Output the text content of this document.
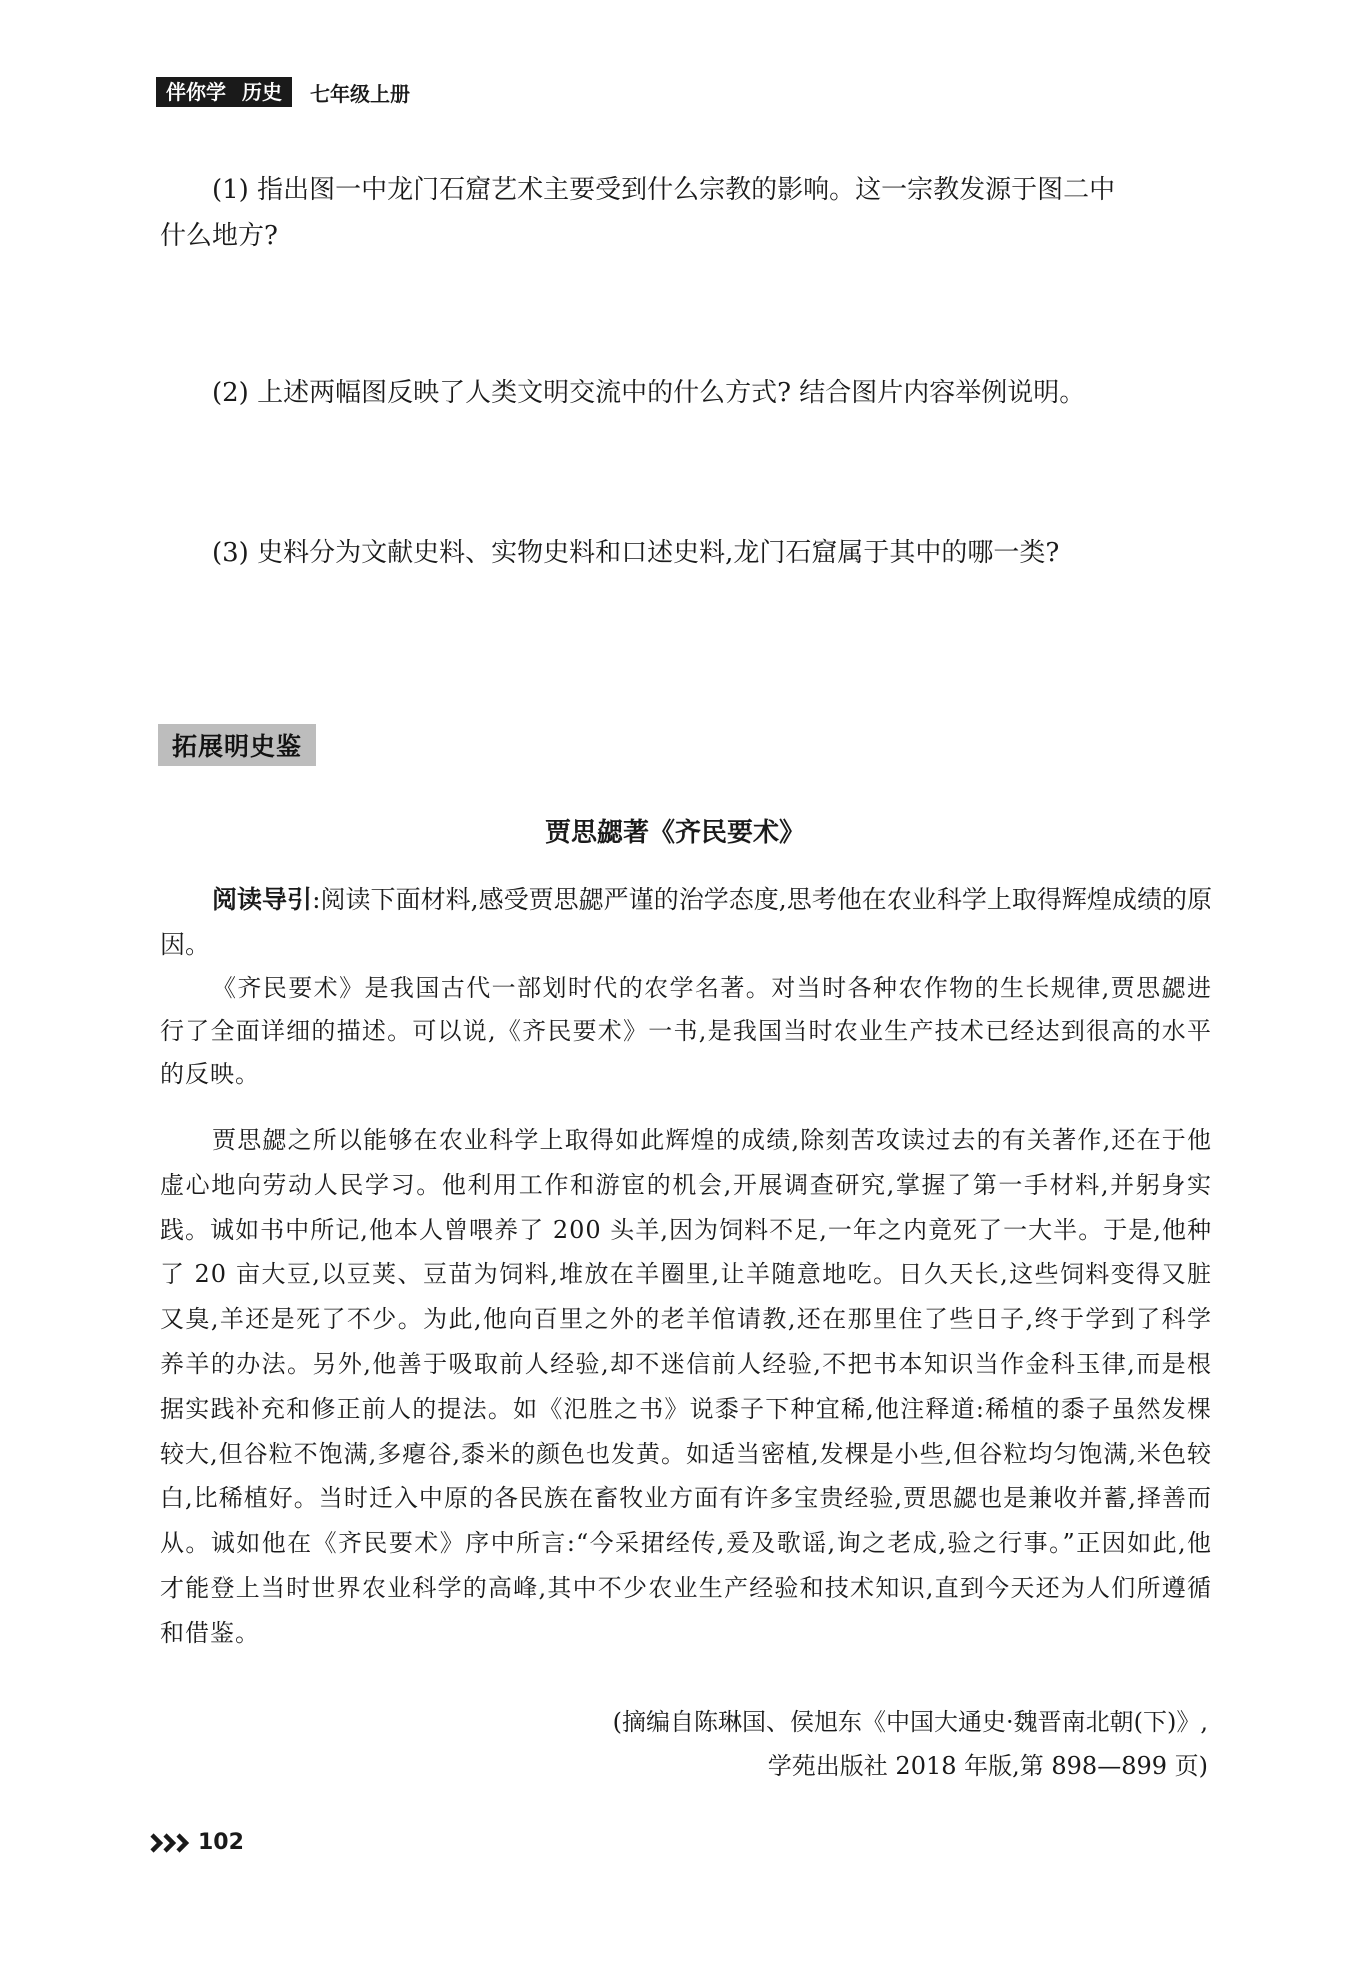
伴你学 历史 七年级上册
(1) 指出图一中龙门石窟艺术主要受到什么宗教的影响。这一宗教发源于图二中
什么地方?
(2) 上述两幅图反映了人类文明交流中的什么方式? 结合图片内容举例说明。
(3) 史料分为文献史料、实物史料和口述史料,龙门石窟属于其中的哪一类?
拓展明史鉴
贾思勰著《齐民要术》

阅读导引:阅读下面材料,感受贾思勰严谨的治学态度,思考他在农业科学上取得辉煌成绩的原因。

《齐民要术》是我国古代一部划时代的农学名著。对当时各种农作物的生长规律,贾思勰进行了全面详细的描述。可以说,《齐民要术》一书,是我国当时农业生产技术已经达到很高的水平的反映。

贾思勰之所以能够在农业科学上取得如此辉煌的成绩,除刻苦攻读过去的有关著作,还在于他虚心地向劳动人民学习。他利用工作和游宦的机会,开展调查研究,掌握了第一手材料,并躬身实践。诚如书中所记,他本人曾喂养了 200 头羊,因为饲料不足,一年之内竟死了一大半。于是,他种了 20 亩大豆,以豆荚、豆苗为饲料,堆放在羊圈里,让羊随意地吃。日久天长,这些饲料变得又脏又臭,羊还是死了不少。为此,他向百里之外的老羊倌请教,还在那里住了些日子,终于学到了科学养羊的办法。另外,他善于吸取前人经验,却不迷信前人经验,不把书本知识当作金科玉律,而是根据实践补充和修正前人的提法。如《氾胜之书》说黍子下种宜稀,他注释道:稀植的黍子虽然发棵较大,但谷粒不饱满,多瘪谷,黍米的颜色也发黄。如适当密植,发棵是小些,但谷粒均匀饱满,米色较白,比稀植好。当时迁入中原的各民族在畜牧业方面有许多宝贵经验,贾思勰也是兼收并蓄,择善而从。诚如他在《齐民要术》序中所言:“今采捃经传,爰及歌谣,询之老成,验之行事。”正因如此,他才能登上当时世界农业科学的高峰,其中不少农业生产经验和技术知识,直到今天还为人们所遵循和借鉴。

(摘编自陈琳国、侯旭东《中国大通史·魏晋南北朝(下)》,
学苑出版社 2018 年版,第 898—899 页)
102
